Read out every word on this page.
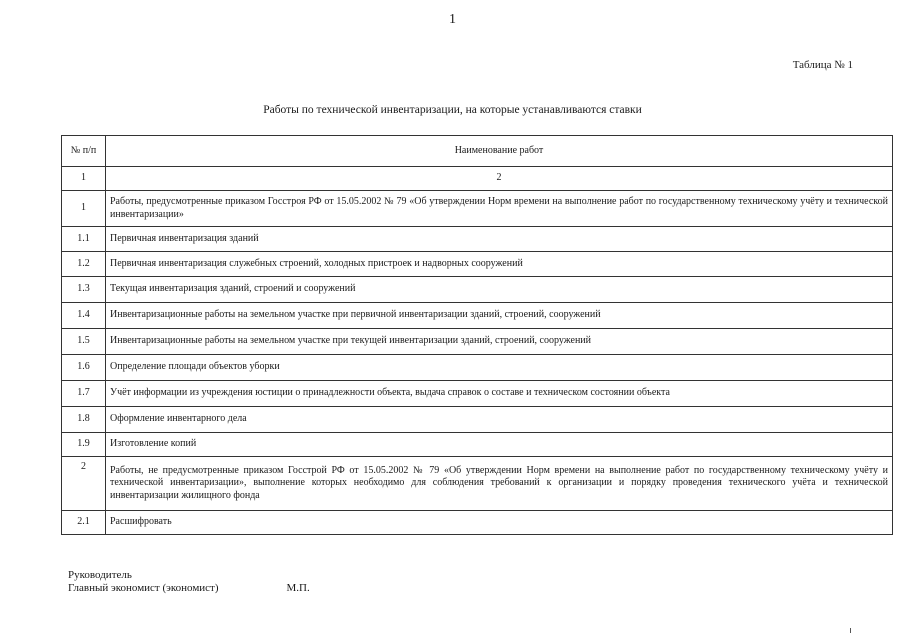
1
Таблица № 1
Работы по технической инвентаризации, на которые устанавливаются ставки
№ п/п	Наименование работ
1	2
1	Работы, предусмотренные приказом Госстроя РФ от 15.05.2002 № 79 «Об утверждении Норм времени на выполнение работ по государственному техническому учёту и технической инвентаризации»
1.1	Первичная инвентаризация зданий
1.2	Первичная инвентаризация служебных строений, холодных пристроек и надворных сооружений
1.3	Текущая инвентаризация зданий, строений и сооружений
1.4	Инвентаризационные работы на земельном участке при первичной инвентаризации зданий, строений, сооружений
1.5	Инвентаризационные работы на земельном участке при текущей инвентаризации зданий, строений, сооружений
1.6	Определение площади объектов уборки
1.7	Учёт информации из учреждения юстиции о принадлежности объекта, выдача справок о составе и техническом состоянии объекта
1.8	Оформление инвентарного дела
1.9	Изготовление копий
2	Работы, не предусмотренные приказом Госстрой РФ от 15.05.2002 № 79 «Об утверждении Норм времени на выполнение работ по государственному техническому учёту и технической инвентаризации», выполнение которых необходимо для соблюдения требований к организации и порядку проведения технического учёта и технической инвентаризации жилищного фонда
2.1	Расшифровать
Руководитель
Главный экономист (экономист)	М.П.
